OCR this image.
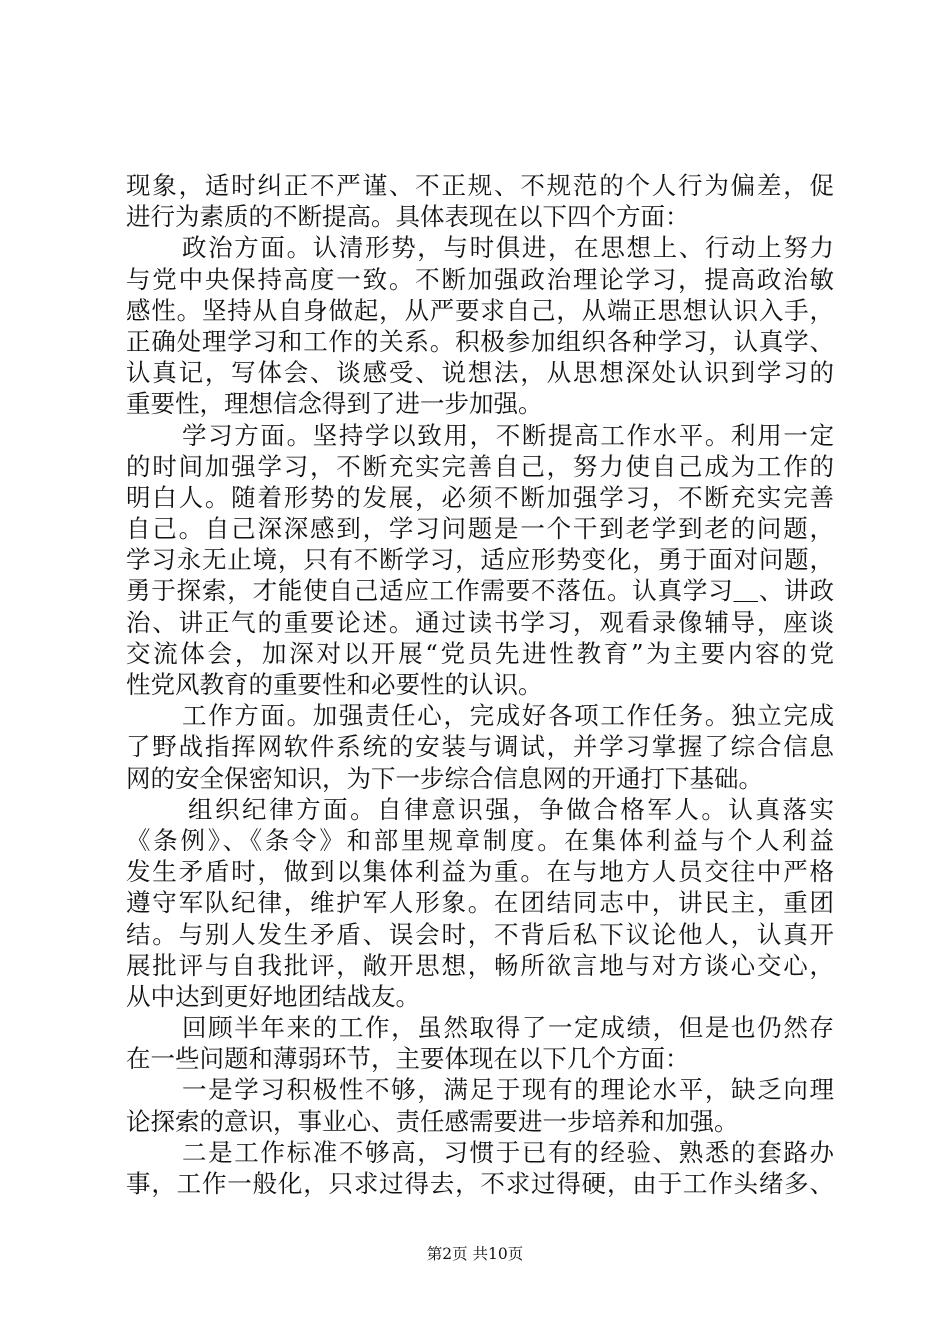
现象，适时纠正不严谨、不正规、不规范的个人行为偏差，促
进行为素质的不断提高。具体表现在以下四个方面：
政治方面。认清形势，与时俱进，在思想上、行动上努力
与党中央保持高度一致。不断加强政治理论学习，提高政治敏
感性。坚持从自身做起，从严要求自己，从端正思想认识入手，
正确处理学习和工作的关系。积极参加组织各种学习，认真学、
认真记，写体会、谈感受、说想法，从思想深处认识到学习的
重要性，理想信念得到了进一步加强。
学习方面。坚持学以致用，不断提高工作水平。利用一定
的时间加强学习，不断充实完善自己，努力使自己成为工作的
明白人。随着形势的发展，必须不断加强学习，不断充实完善
自己。自己深深感到，学习问题是一个干到老学到老的问题，
学习永无止境，只有不断学习，适应形势变化，勇于面对问题，
勇于探索，才能使自己适应工作需要不落伍。认真学习＿、讲政
治、讲正气的重要论述。通过读书学习，观看录像辅导，座谈
交流体会，加深对以开展“党员先进性教育”为主要内容的党
性党风教育的重要性和必要性的认识。
工作方面。加强责任心，完成好各项工作任务。独立完成
了野战指挥网软件系统的安装与调试，并学习掌握了综合信息
网的安全保密知识，为下一步综合信息网的开通打下基础。
组织纪律方面。自律意识强，争做合格军人。认真落实
《条例》、《条令》和部里规章制度。在集体利益与个人利益
发生矛盾时，做到以集体利益为重。在与地方人员交往中严格
遵守军队纪律，维护军人形象。在团结同志中，讲民主，重团
结。与别人发生矛盾、误会时，不背后私下议论他人，认真开
展批评与自我批评，敞开思想，畅所欲言地与对方谈心交心，
从中达到更好地团结战友。
回顾半年来的工作，虽然取得了一定成绩，但是也仍然存
在一些问题和薄弱环节，主要体现在以下几个方面：
一是学习积极性不够，满足于现有的理论水平，缺乏向理
论探索的意识，事业心、责任感需要进一步培养和加强。
二是工作标准不够高，习惯于已有的经验、熟悉的套路办
事，工作一般化，只求过得去，不求过得硬，由于工作头绪多、
第2页 共10页
